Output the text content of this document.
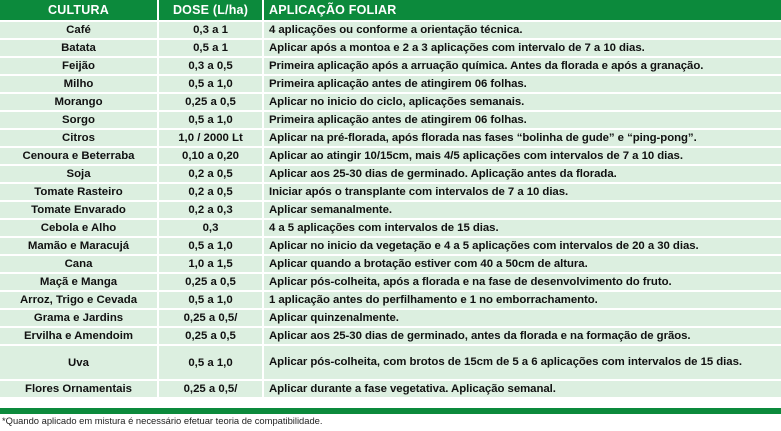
CULTURA	DOSE (L/ha)	APLICAÇÃO FOLIAR
Café	0,3 a 1	4 aplicações ou conforme a orientação técnica.
Batata	0,5 a 1	Aplicar após a montoa e 2 a 3 aplicações com intervalo de 7 a 10 dias.
Feijão	0,3 a 0,5	Primeira aplicação após a arruação química. Antes da florada e após a granação.
Milho	0,5 a 1,0	Primeira aplicação antes de atingirem 06 folhas.
Morango	0,25 a 0,5	Aplicar no inicio do ciclo, aplicações semanais.
Sorgo	0,5 a 1,0	Primeira aplicação antes de atingirem 06 folhas.
Citros	1,0 / 2000 Lt	Aplicar na pré-florada, após florada nas fases “bolinha de gude” e “ping-pong”.
Cenoura e Beterraba	0,10 a 0,20	Aplicar ao atingir 10/15cm, mais 4/5 aplicações com intervalos de 7 a 10 dias.
Soja	0,2 a 0,5	Aplicar aos 25-30 dias de germinado. Aplicação antes da florada.
Tomate Rasteiro	0,2 a 0,5	Iniciar após o transplante com intervalos de 7 a 10 dias.
Tomate Envarado	0,2 a 0,3	Aplicar semanalmente.
Cebola e Alho	0,3	4 a 5 aplicações com intervalos de 15 dias.
Mamão e Maracujá	0,5 a 1,0	Aplicar no inicio da vegetação e 4 a 5 aplicações com intervalos de 20 a 30 dias.
Cana	1,0 a 1,5	Aplicar quando a brotação estiver com 40 a 50cm de altura.
Maçã e Manga	0,25 a 0,5	Aplicar pós-colheita, após a florada e na fase de desenvolvimento do fruto.
Arroz, Trigo e Cevada	0,5 a 1,0	1 aplicação antes do perfilhamento e 1 no emborrachamento.
Grama e Jardins	0,25 a 0,5/	Aplicar quinzenalmente.
Ervilha e Amendoim	0,25 a 0,5	Aplicar aos 25-30 dias de germinado, antes da florada e na formação de grãos.
Uva	0,5 a 1,0	Aplicar pós-colheita, com brotos de 15cm de 5 a 6 aplicações com intervalos de 15 dias.
Flores Ornamentais	0,25 a 0,5/	Aplicar durante a fase vegetativa. Aplicação semanal.
*Quando aplicado em mistura é necessário efetuar teoria de compatibilidade.
